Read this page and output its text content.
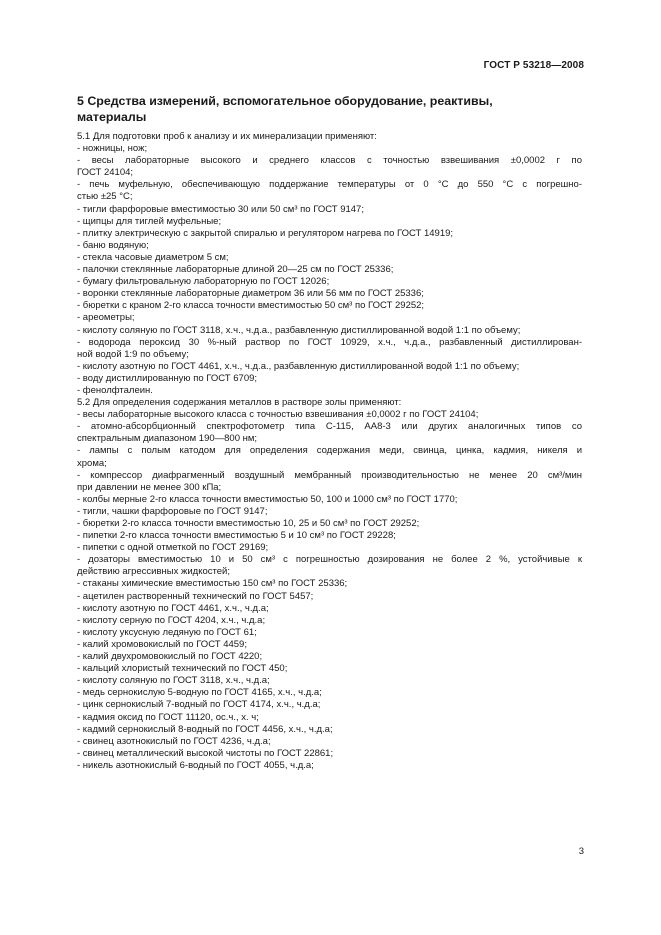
ГОСТ Р 53218—2008
5 Средства измерений, вспомогательное оборудование, реактивы,
материалы
5.1 Для подготовки проб к анализу и их минерализации применяют:
- ножницы, нож;
- весы лабораторные высокого и среднего классов с точностью взвешивания ±0,0002 г по
ГОСТ 24104;
- печь муфельную, обеспечивающую поддержание температуры от 0 °С до 550 °С с погрешно-
стью ±25 °С;
- тигли фарфоровые вместимостью 30 или 50 см³ по ГОСТ 9147;
- щипцы для тиглей муфельные;
- плитку электрическую с закрытой спиралью и регулятором нагрева по ГОСТ 14919;
- баню водяную;
- стекла часовые диаметром 5 см;
- палочки стеклянные лабораторные длиной 20—25 см по ГОСТ 25336;
- бумагу фильтровальную лабораторную по ГОСТ 12026;
- воронки стеклянные лабораторные диаметром 36 или 56 мм по ГОСТ 25336;
- бюретки с краном 2-го класса точности вместимостью 50 см³ по ГОСТ 29252;
- ареометры;
- кислоту соляную по ГОСТ 3118, х.ч., ч.д.а., разбавленную дистиллированной водой 1:1 по объему;
- водорода пероксид 30 %-ный раствор по ГОСТ 10929, х.ч., ч.д.а., разбавленный дистиллирован-
ной водой 1:9 по объему;
- кислоту азотную по ГОСТ 4461, х.ч., ч.д.а., разбавленную дистиллированной водой 1:1 по объему;
- воду дистиллированную по ГОСТ 6709;
- фенолфталеин.
5.2 Для определения содержания металлов в растворе золы применяют:
- весы лабораторные высокого класса с точностью взвешивания ±0,0002 г по ГОСТ 24104;
- атомно-абсорбционный спектрофотометр типа С-115, АА8-3 или других аналогичных типов со
спектральным диапазоном 190—800 нм;
- лампы с полым катодом для определения содержания меди, свинца, цинка, кадмия, никеля и
хрома;
- компрессор диафрагменный воздушный мембранный производительностью не менее 20 см³/мин
при давлении не менее 300 кПа;
- колбы мерные 2-го класса точности вместимостью 50, 100 и 1000 см³ по ГОСТ 1770;
- тигли, чашки фарфоровые по ГОСТ 9147;
- бюретки 2-го класса точности вместимостью 10, 25 и 50 см³ по ГОСТ 29252;
- пипетки 2-го класса точности вместимостью 5 и 10 см³ по ГОСТ 29228;
- пипетки с одной отметкой по ГОСТ 29169;
- дозаторы вместимостью 10 и 50 см³ с погрешностью дозирования не более 2 %, устойчивые к
действию агрессивных жидкостей;
- стаканы химические вместимостью 150 см³ по ГОСТ 25336;
- ацетилен растворенный технический по ГОСТ 5457;
- кислоту азотную по ГОСТ 4461, х.ч., ч.д.а;
- кислоту серную по ГОСТ 4204, х.ч., ч.д.а;
- кислоту уксусную ледяную по ГОСТ 61;
- калий хромовокислый по ГОСТ 4459;
- калий двухромовокислый по ГОСТ 4220;
- кальций хлористый технический по ГОСТ 450;
- кислоту соляную по ГОСТ 3118, х.ч., ч.д.а;
- медь сернокислую 5-водную по ГОСТ 4165, х.ч., ч.д.а;
- цинк сернокислый 7-водный по ГОСТ 4174, х.ч., ч.д.а;
- кадмия оксид по ГОСТ 11120, ос.ч., х. ч;
- кадмий сернокислый 8-водный по ГОСТ 4456, х.ч., ч.д.а;
- свинец азотнокислый по ГОСТ 4236, ч.д.а;
- свинец металлический высокой чистоты по ГОСТ 22861;
- никель азотнокислый 6-водный по ГОСТ 4055, ч.д.а;
3
